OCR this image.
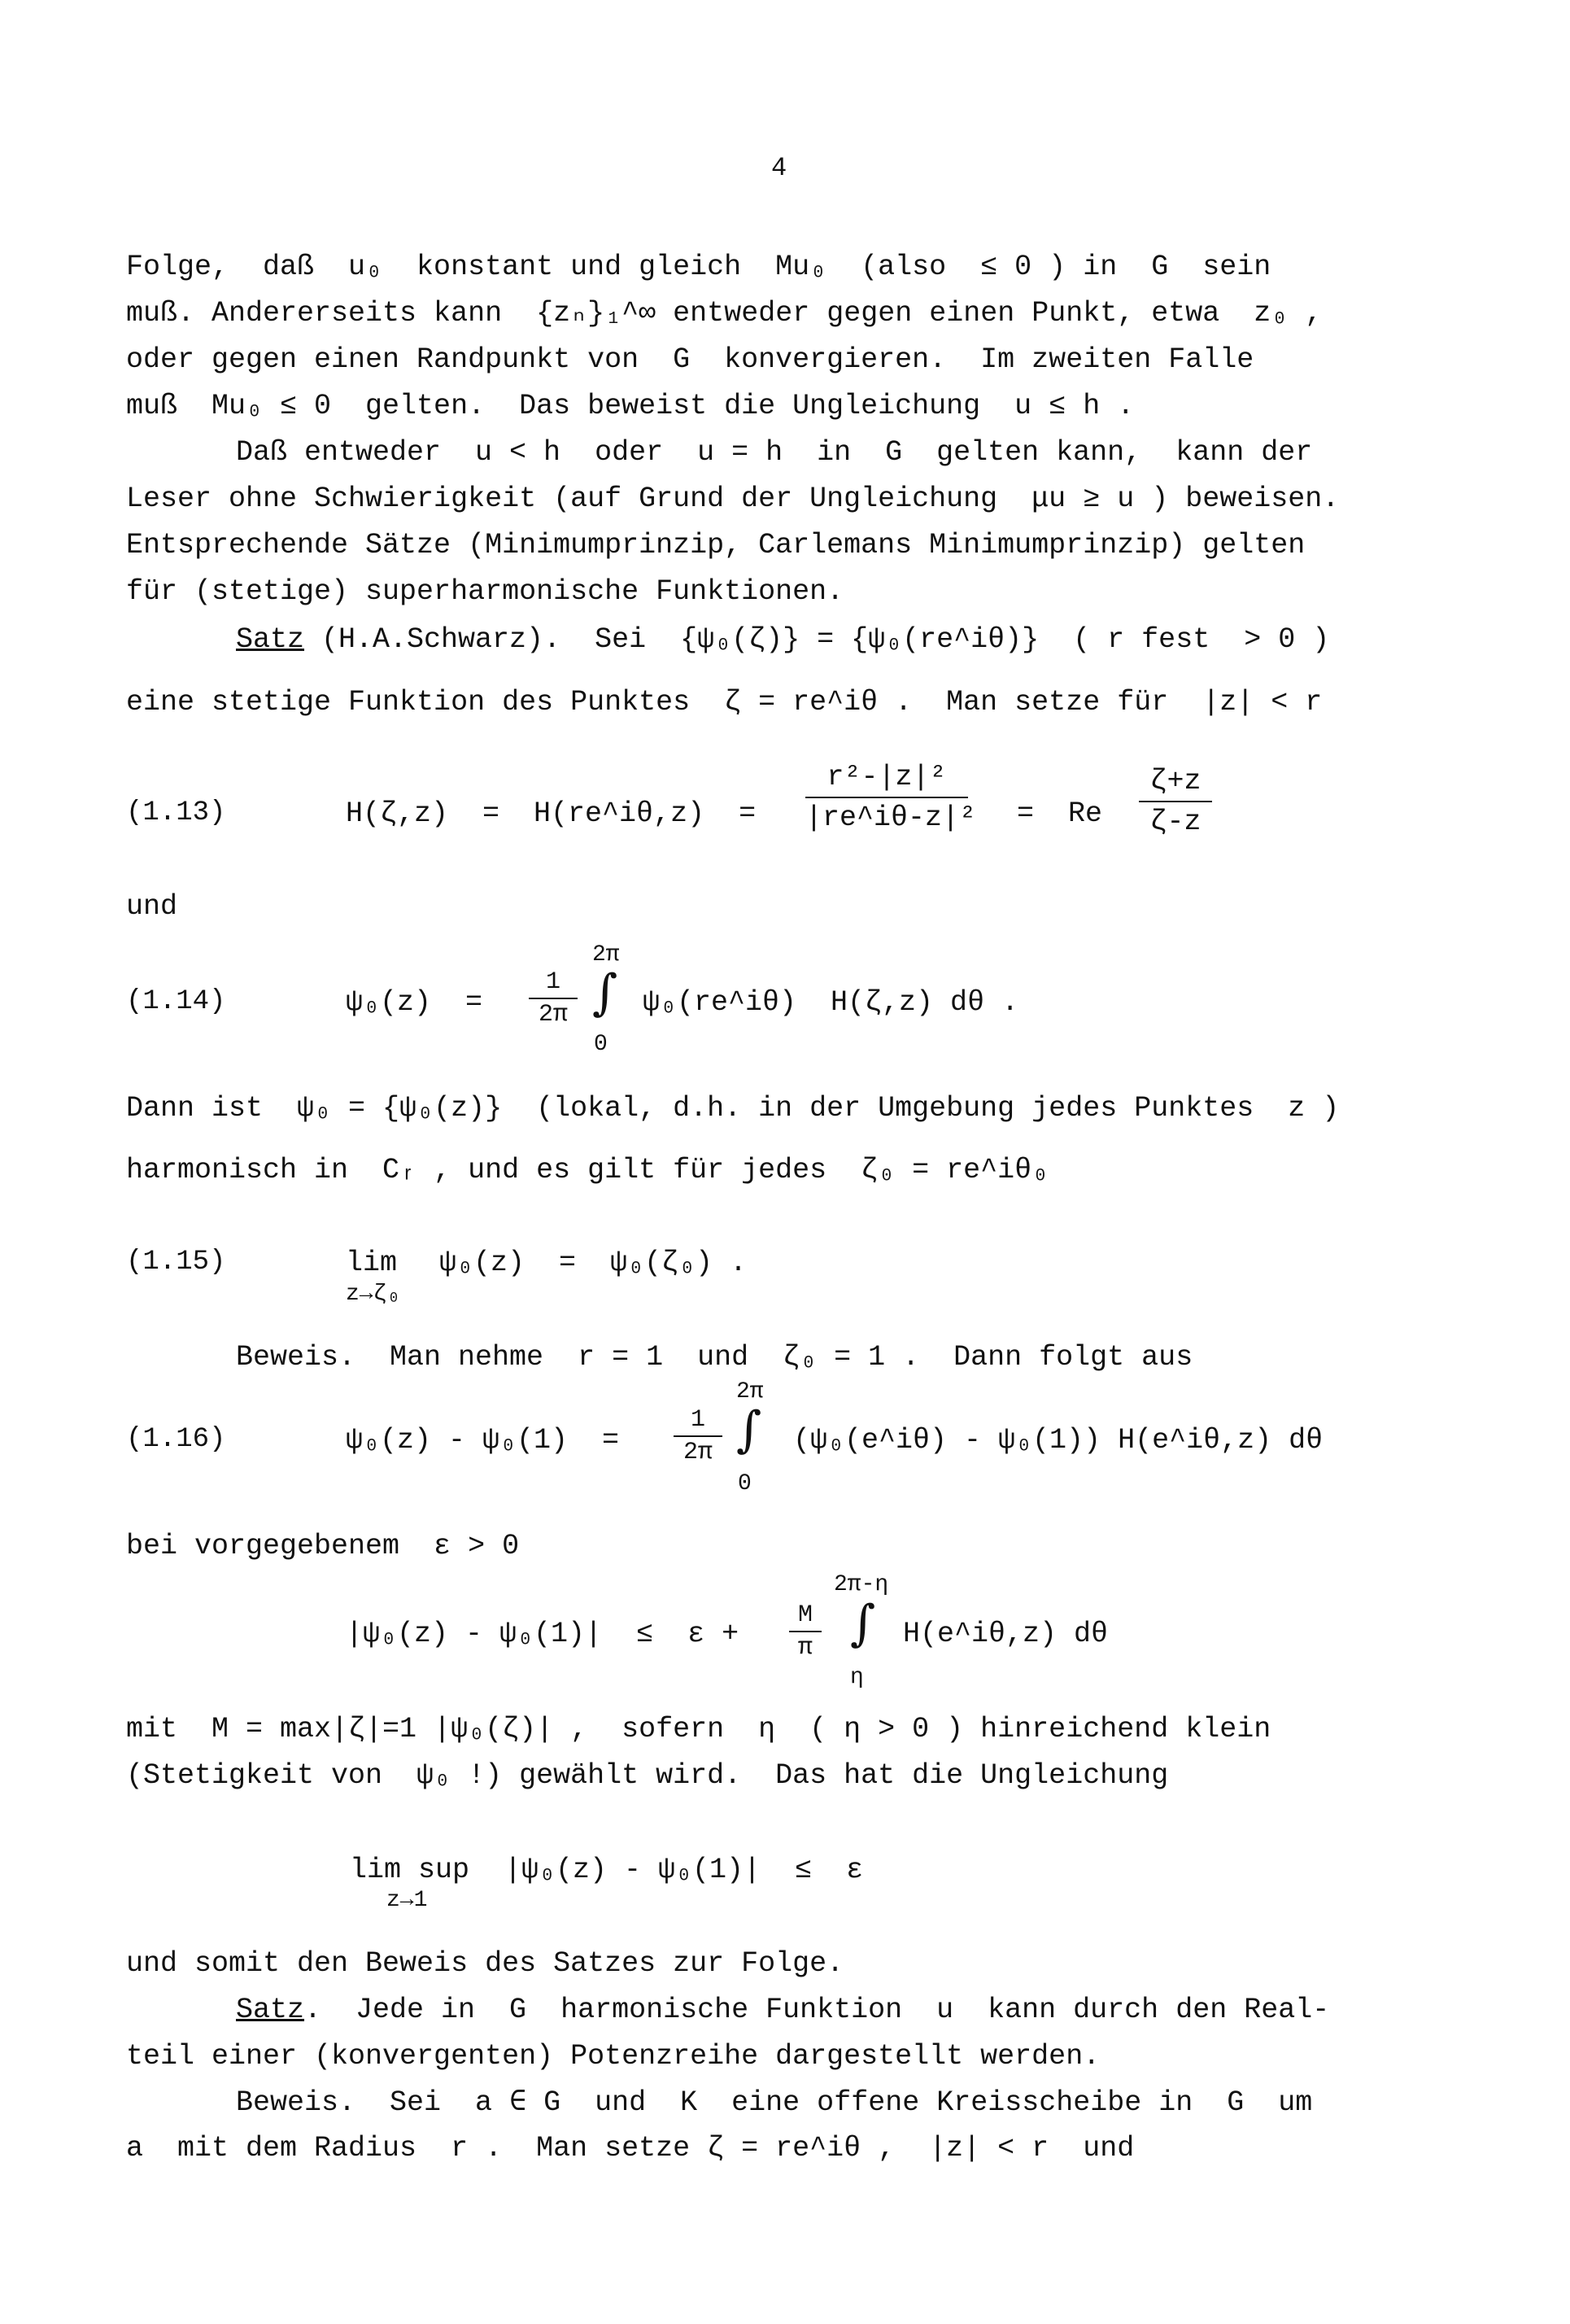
4
Folge,  daß  u₀  konstant und gleich  Mu₀  (also  ≤ 0 ) in  G  sein
muß. Andererseits kann  {zₙ}₁^∞ entweder gegen einen Punkt, etwa  z₀ ,
oder gegen einen Randpunkt von  G  konvergieren.  Im zweiten Falle
muß  Mu₀ ≤ 0  gelten.  Das beweist die Ungleichung  u ≤ h .
Daß entweder  u < h  oder  u = h  in  G  gelten kann,  kann der
Leser ohne Schwierigkeit (auf Grund der Ungleichung  μu ≥ u ) beweisen.
Entsprechende Sätze (Minimumprinzip, Carlemans Minimumprinzip) gelten
für (stetige) superharmonische Funktionen.
Satz (H.A.Schwarz).  Sei  {ψ₀(ζ)} = {ψ₀(re^iθ)}  ( r fest  > 0 )
eine stetige Funktion des Punktes  ζ = re^iθ .  Man setze für  |z| < r
(1.13)	H(ζ,z)  =  H(re^iθ,z)  =
r²-|z|²
|re^iθ-z|² =  Re
ζ+z
ζ-z
und
(1.14)	ψ₀(z)  =
1
2π
2π
∫
0
ψ₀(re^iθ)  H(ζ,z) dθ .
Dann ist  ψ₀ = {ψ₀(z)}  (lokal, d.h. in der Umgebung jedes Punktes  z )
harmonisch in  Cᵣ , und es gilt für jedes  ζ₀ = re^iθ₀
(1.15)	lim
z→ζ₀
ψ₀(z)  =  ψ₀(ζ₀) .
Beweis.  Man nehme  r = 1  und  ζ₀ = 1 .  Dann folgt aus
(1.16)	ψ₀(z) - ψ₀(1)  =
1
2π
2π
∫
0
(ψ₀(e^iθ) - ψ₀(1)) H(e^iθ,z) dθ
bei vorgegebenem  ε > 0
|ψ₀(z) - ψ₀(1)|  ≤  ε +
M
π
2π-η
∫
η
H(e^iθ,z) dθ
mit  M = max|ζ|=1 |ψ₀(ζ)| ,  sofern  η  ( η > 0 ) hinreichend klein
(Stetigkeit von  ψ₀ !) gewählt wird.  Das hat die Ungleichung
lim sup
z→1
|ψ₀(z) - ψ₀(1)|  ≤  ε
und somit den Beweis des Satzes zur Folge.
Satz.  Jede in  G  harmonische Funktion  u  kann durch den Real-
teil einer (konvergenten) Potenzreihe dargestellt werden.
Beweis.  Sei  a ∈ G  und  K  eine offene Kreisscheibe in  G  um
a  mit dem Radius  r .  Man setze ζ = re^iθ ,  |z| < r  und
